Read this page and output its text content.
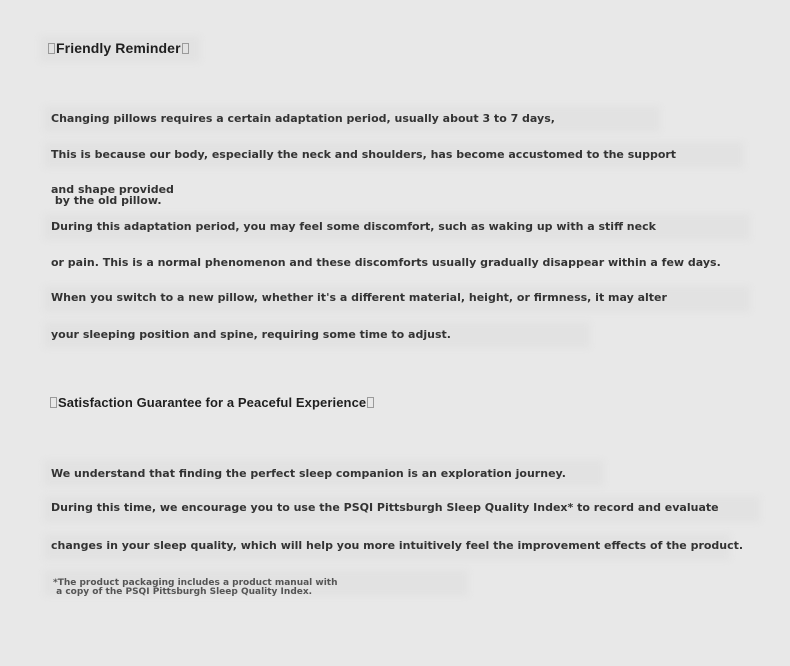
Friendly Reminder
Changing pillows requires a certain adaptation period, usually about 3 to 7 days,
This is because our body, especially the neck and shoulders, has become accustomed to the support
and shape provided
by the old pillow.
During this adaptation period, you may feel some discomfort, such as waking up with a stiff neck
or pain. This is a normal phenomenon and these discomforts usually gradually disappear within a few days.
When you switch to a new pillow, whether it's a different material, height, or firmness, it may alter
your sleeping position and spine, requiring some time to adjust.
Satisfaction Guarantee for a Peaceful Experience
We understand that finding the perfect sleep companion is an exploration journey.
During this time, we encourage you to use the PSQI Pittsburgh Sleep Quality Index* to record and evaluate
changes in your sleep quality, which will help you more intuitively feel the improvement effects of the product.
*The product packaging includes a product manual with
a copy of the PSQI Pittsburgh Sleep Quality Index.
